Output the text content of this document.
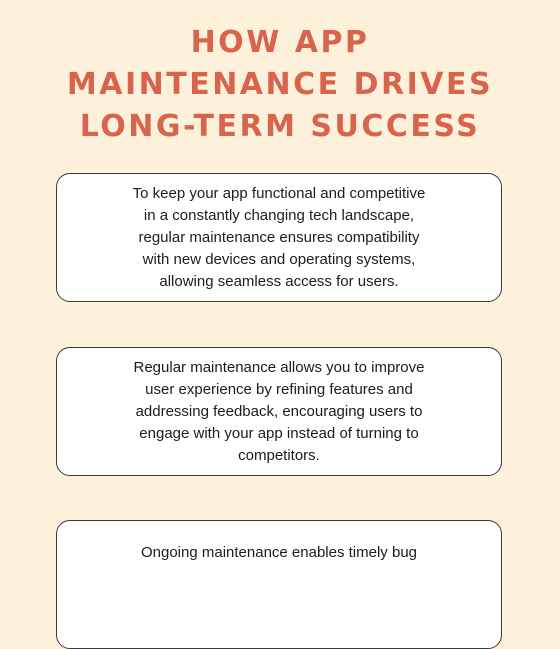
HOW APP
MAINTENANCE DRIVES
LONG-TERM SUCCESS

To keep your app functional and competitive
in a constantly changing tech landscape,
regular maintenance ensures compatibility
with new devices and operating systems,
allowing seamless access for users.

Regular maintenance allows you to improve
user experience by refining features and
addressing feedback, encouraging users to
engage with your app instead of turning to
competitors.

Ongoing maintenance enables timely bug
